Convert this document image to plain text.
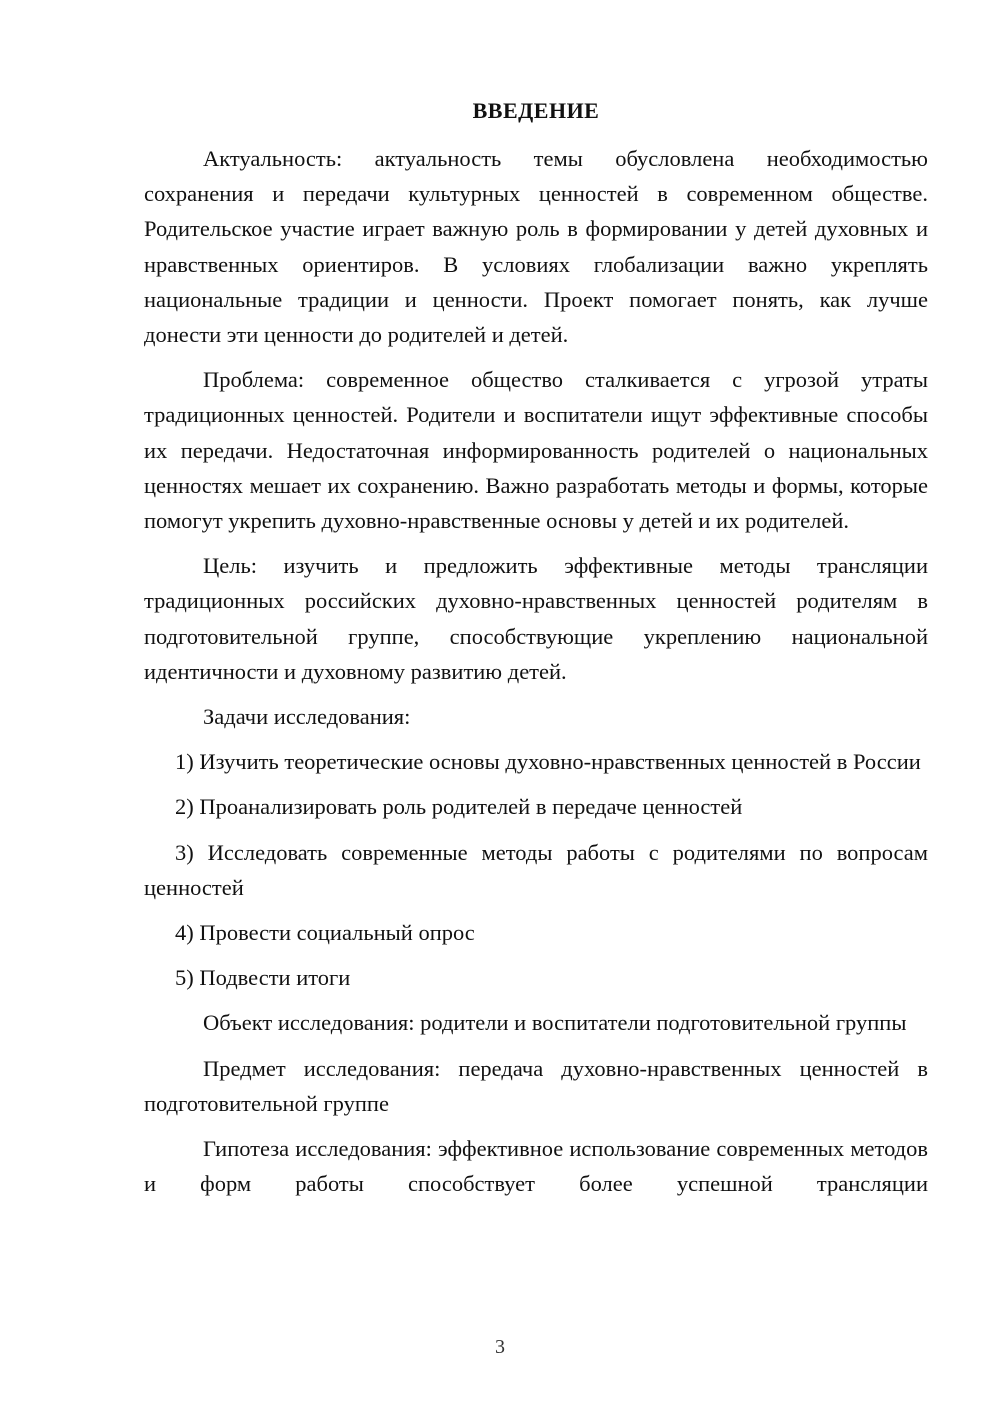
ВВЕДЕНИЕ

Актуальность: актуальность темы обусловлена необходимостью сохранения и передачи культурных ценностей в современном обществе. Родительское участие играет важную роль в формировании у детей духовных и нравственных ориентиров. В условиях глобализации важно укреплять национальные традиции и ценности. Проект помогает понять, как лучше донести эти ценности до родителей и детей.

Проблема: современное общество сталкивается с угрозой утраты традиционных ценностей. Родители и воспитатели ищут эффективные способы их передачи. Недостаточная информированность родителей о национальных ценностях мешает их сохранению. Важно разработать методы и формы, которые помогут укрепить духовно-нравственные основы у детей и их родителей.

Цель: изучить и предложить эффективные методы трансляции традиционных российских духовно-нравственных ценностей родителям в подготовительной группе, способствующие укреплению национальной идентичности и духовному развитию детей.

Задачи исследования:

1) Изучить теоретические основы духовно-нравственных ценностей в России

2) Проанализировать роль родителей в передаче ценностей

3) Исследовать современные методы работы с родителями по вопросам ценностей

4) Провести социальный опрос

5) Подвести итоги

Объект исследования: родители и воспитатели подготовительной группы

Предмет исследования: передача духовно-нравственных ценностей в подготовительной группе

Гипотеза исследования: эффективное использование современных методов и форм работы способствует более успешной трансляции

3
